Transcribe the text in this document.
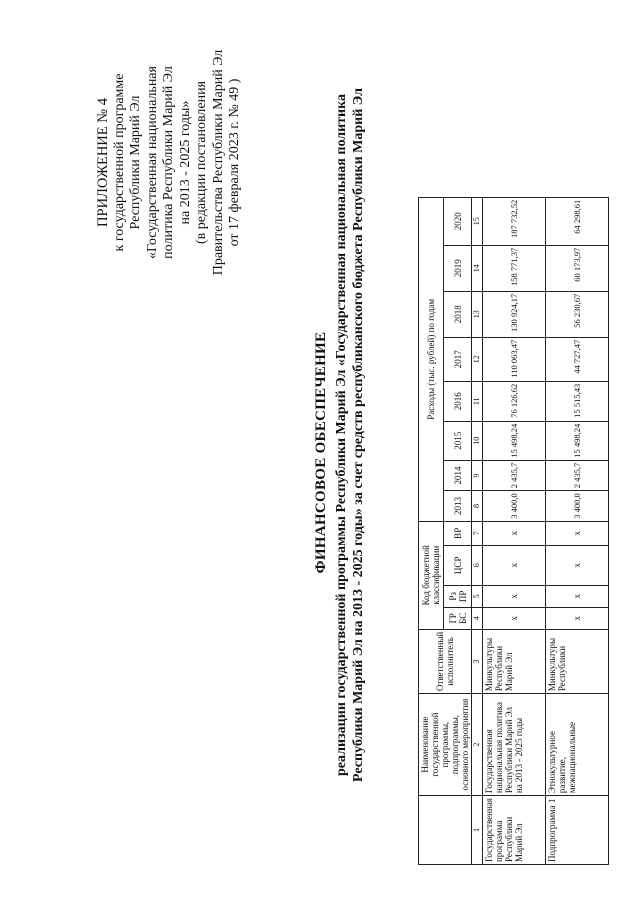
ПРИЛОЖЕНИЕ № 4 к государственной программе Республики Марий Эл «Государственная национальная политика Республики Марий Эл на 2013 - 2025 годы» (в редакции постановления Правительства Республики Марий Эл от 17 февраля 2023 г. № 49 )
ФИНАНСОВОЕ ОБЕСПЕЧЕНИЕ реализации государственной программы Республики Марий Эл «Государственная национальная политика Республики Марий Эл на 2013 - 2025 годы» за счет средств республиканского бюджета Республики Марий Эл
		Наименование государственной программы, подпрограммы, основного мероприятия	Ответственный исполнитель	Код бюджетной классификации				Расходы (тыс. рублей) по годам							
			ГР БС	Рз ПР	ЦСР	ВР	2013	2014	2015	2016	2017	2018	2019	2020
1	2	3	4	5	6	7	8	9	10	11	12	13	14	15
Государственная программа Республики Марий Эл	Государственная национальная политика Республики Марий Эл на 2013 - 2025 годы	Минкультуры Республики Марий Эл	х	х	х	х	3 400,0	2 435,7	15 498,24	76 126,62	110 063,47	130 924,17	158 771,37	187 732,52
Подпрограмма 1	Этнокультурное развитие, межнациональные	Минкультуры Республики	х	х	х	х	3 400,0	2 435,7	15 498,24	15 515,43	44 727,47	56 230,67	60 173,97	64 298,61
